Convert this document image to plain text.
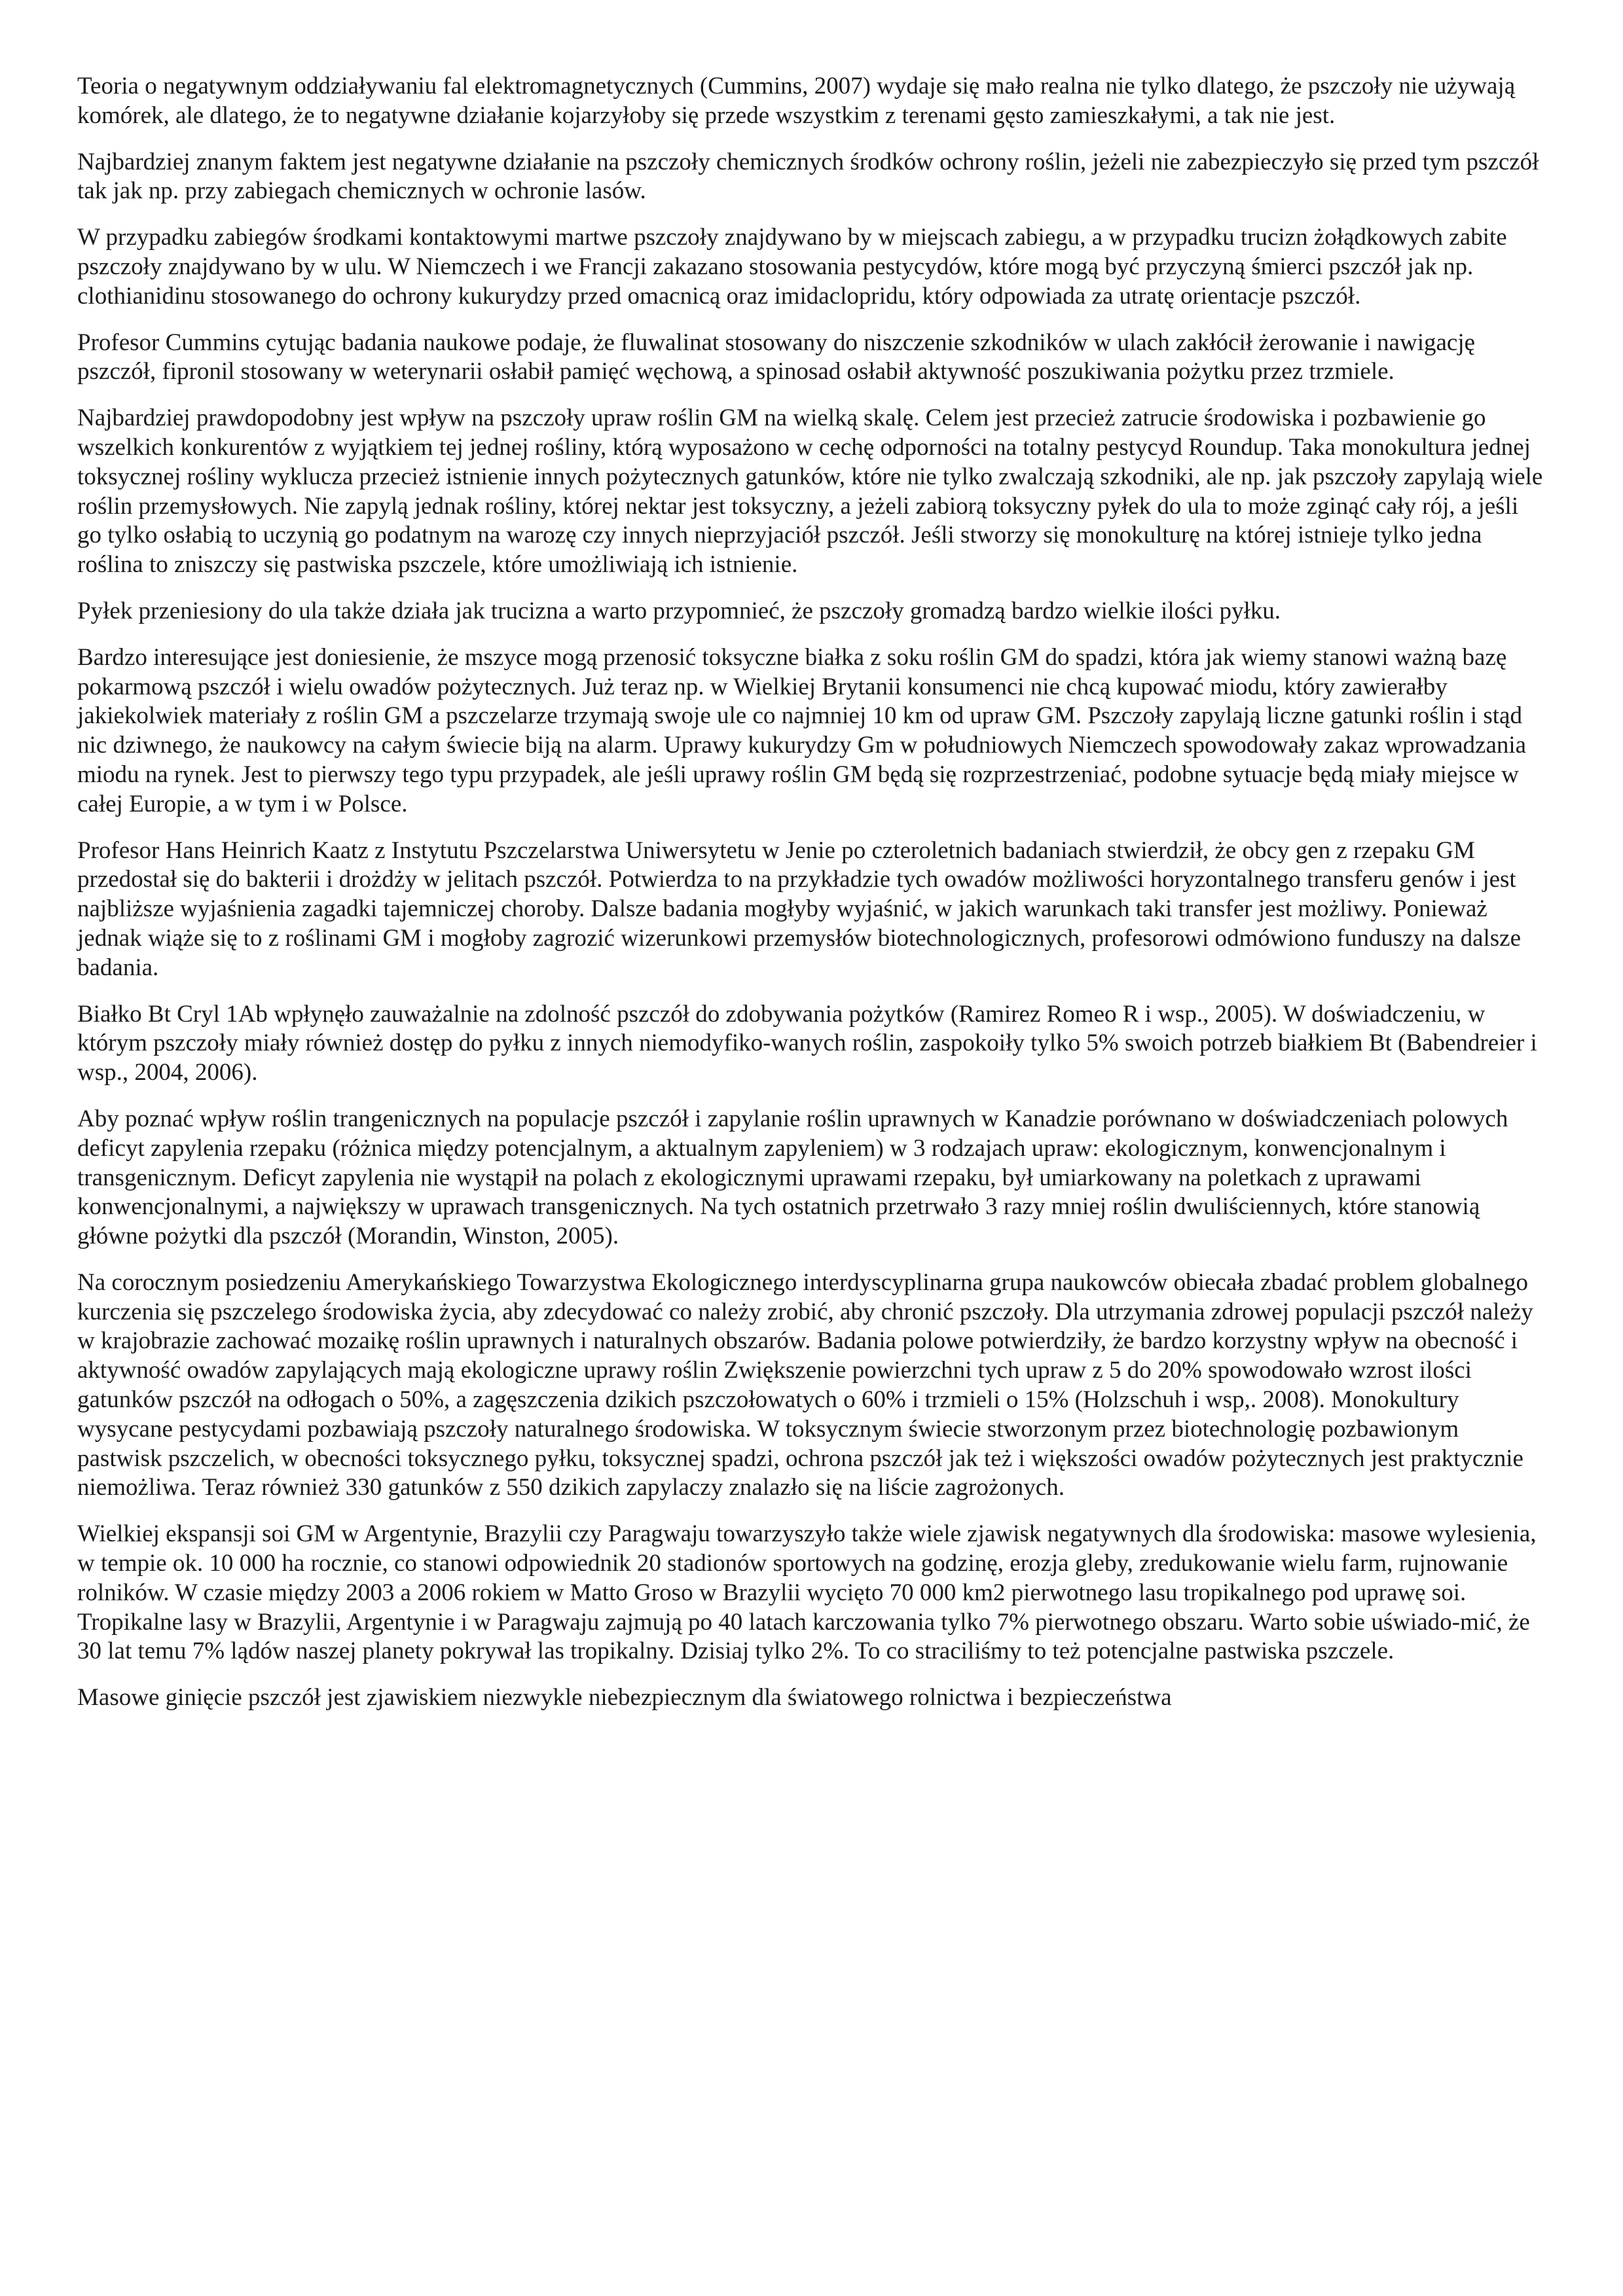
Teoria o negatywnym oddziaływaniu fal elektromagnetycznych (Cummins, 2007) wydaje się mało realna nie tylko dlatego, że pszczoły nie używają komórek, ale dlatego, że to negatywne działanie kojarzyłoby się przede wszystkim z terenami gęsto zamieszkałymi, a tak nie jest.

Najbardziej znanym faktem jest negatywne działanie na pszczoły chemicznych środków ochrony roślin, jeżeli nie zabezpieczyło się przed tym pszczół tak jak np. przy zabiegach chemicznych w ochronie lasów.

W przypadku zabiegów środkami kontaktowymi martwe pszczoły znajdywano by w miejscach zabiegu, a w przypadku trucizn żołądkowych zabite pszczoły znajdywano by w ulu. W Niemczech i we Francji zakazano stosowania pestycydów, które mogą być przyczyną śmierci pszczół jak np. clothianidinu stosowanego do ochrony kukurydzy przed omacnicą oraz imidaclopridu, który odpowiada za utratę orientacje pszczół.

Profesor Cummins cytując badania naukowe podaje, że fluwalinat stosowany do niszczenie szkodników w ulach zakłócił żerowanie i nawigację pszczół, fipronil stosowany w weterynarii osłabił pamięć węchową, a spinosad osłabił aktywność poszukiwania pożytku przez trzmiele.

Najbardziej prawdopodobny jest wpływ na pszczoły upraw roślin GM na wielką skalę. Celem jest przecież zatrucie środowiska i pozbawienie go wszelkich konkurentów z wyjątkiem tej jednej rośliny, którą wyposażono w cechę odporności na totalny pestycyd Roundup. Taka monokultura jednej toksycznej rośliny wyklucza przecież istnienie innych pożytecznych gatunków, które nie tylko zwalczają szkodniki, ale np. jak pszczoły zapylają wiele roślin przemysłowych. Nie zapylą jednak rośliny, której nektar jest toksyczny, a jeżeli zabiorą toksyczny pyłek do ula to może zginąć cały rój, a jeśli go tylko osłabią to uczynią go podatnym na warozę czy innych nieprzyjaciół pszczół. Jeśli stworzy się monokulturę na której istnieje tylko jedna roślina to zniszczy się pastwiska pszczele, które umożliwiają ich istnienie.

Pyłek przeniesiony do ula także działa jak trucizna a warto przypomnieć, że pszczoły gromadzą bardzo wielkie ilości pyłku.

Bardzo interesujące jest doniesienie, że mszyce mogą przenosić toksyczne białka z soku roślin GM do spadzi, która jak wiemy stanowi ważną bazę pokarmową pszczół i wielu owadów pożytecznych. Już teraz np. w Wielkiej Brytanii konsumenci nie chcą kupować miodu, który zawierałby jakiekolwiek materiały z roślin GM a pszczelarze trzymają swoje ule co najmniej 10 km od upraw GM. Pszczoły zapylają liczne gatunki roślin i stąd nic dziwnego, że naukowcy na całym świecie biją na alarm. Uprawy kukurydzy Gm w południowych Niemczech spowodowały zakaz wprowadzania miodu na rynek. Jest to pierwszy tego typu przypadek, ale jeśli uprawy roślin GM będą się rozprzestrzeniać, podobne sytuacje będą miały miejsce w całej Europie, a w tym i w Polsce.

Profesor Hans Heinrich Kaatz z Instytutu Pszczelarstwa Uniwersytetu w Jenie po czteroletnich badaniach stwierdził, że obcy gen z rzepaku GM przedostał się do bakterii i drożdży w jelitach pszczół. Potwierdza to na przykładzie tych owadów możliwości horyzontalnego transferu genów i jest najbliższe wyjaśnienia zagadki tajemniczej choroby. Dalsze badania mogłyby wyjaśnić, w jakich warunkach taki transfer jest możliwy. Ponieważ jednak wiąże się to z roślinami GM i mogłoby zagrozić wizerunkowi przemysłów biotechnologicznych, profesorowi odmówiono funduszy na dalsze badania.

Białko Bt Cryl 1Ab wpłynęło zauważalnie na zdolność pszczół do zdobywania pożytków (Ramirez Romeo R i wsp., 2005). W doświadczeniu, w którym pszczoły miały również dostęp do pyłku z innych niemodyfiko-wanych roślin, zaspokoiły tylko 5% swoich potrzeb białkiem Bt (Babendreier i wsp., 2004, 2006).

Aby poznać wpływ roślin trangenicznych na populacje pszczół i zapylanie roślin uprawnych w Kanadzie porównano w doświadczeniach polowych deficyt zapylenia rzepaku (różnica między potencjalnym, a aktualnym zapyleniem) w 3 rodzajach upraw: ekologicznym, konwencjonalnym i transgenicznym. Deficyt zapylenia nie wystąpił na polach z ekologicznymi uprawami rzepaku, był umiarkowany na poletkach z uprawami konwencjonalnymi, a największy w uprawach transgenicznych. Na tych ostatnich przetrwało 3 razy mniej roślin dwuliściennych, które stanowią główne pożytki dla pszczół (Morandin, Winston, 2005).

Na corocznym posiedzeniu Amerykańskiego Towarzystwa Ekologicznego interdyscyplinarna grupa naukowców obiecała zbadać problem globalnego kurczenia się pszczelego środowiska życia, aby zdecydować co należy zrobić, aby chronić pszczoły. Dla utrzymania zdrowej populacji pszczół należy w krajobrazie zachować mozaikę roślin uprawnych i naturalnych obszarów. Badania polowe potwierdziły, że bardzo korzystny wpływ na obecność i aktywność owadów zapylających mają ekologiczne uprawy roślin Zwiększenie powierzchni tych upraw z 5 do 20% spowodowało wzrost ilości gatunków pszczół na odłogach o 50%, a zagęszczenia dzikich pszczołowatych o 60% i trzmieli o 15% (Holzschuh i wsp,. 2008). Monokultury wysycane pestycydami pozbawiają pszczoły naturalnego środowiska. W toksycznym świecie stworzonym przez biotechnologię pozbawionym pastwisk pszczelich, w obecności toksycznego pyłku, toksycznej spadzi, ochrona pszczół jak też i większości owadów pożytecznych jest praktycznie niemożliwa. Teraz również 330 gatunków z 550 dzikich zapylaczy znalazło się na liście zagrożonych.

Wielkiej ekspansji soi GM w Argentynie, Brazylii czy Paragwaju towarzyszyło także wiele zjawisk negatywnych dla środowiska: masowe wylesienia, w tempie ok. 10 000 ha rocznie, co stanowi odpowiednik 20 stadionów sportowych na godzinę, erozja gleby, zredukowanie wielu farm, rujnowanie rolników. W czasie między 2003 a 2006 rokiem w Matto Groso w Brazylii wycięto 70 000 km2 pierwotnego lasu tropikalnego pod uprawę soi. Tropikalne lasy w Brazylii, Argentynie i w Paragwaju zajmują po 40 latach karczowania tylko 7% pierwotnego obszaru. Warto sobie uświado-mić, że 30 lat temu 7% lądów naszej planety pokrywał las tropikalny. Dzisiaj tylko 2%. To co straciliśmy to też potencjalne pastwiska pszczele.

Masowe ginięcie pszczół jest zjawiskiem niezwykle niebezpiecznym dla światowego rolnictwa i bezpieczeństwa
